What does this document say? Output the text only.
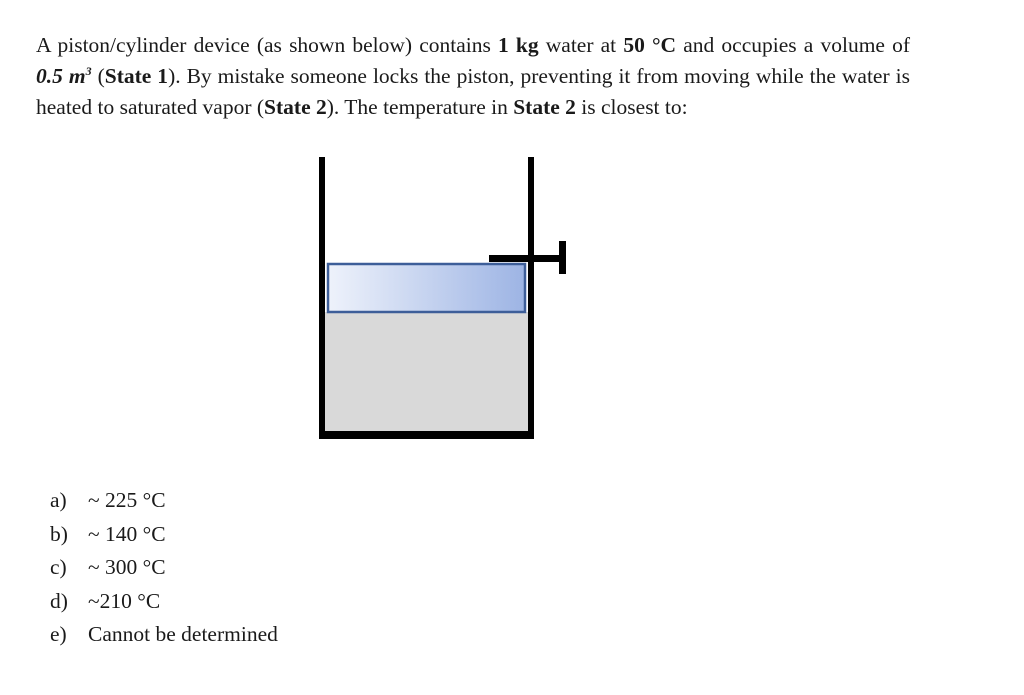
A piston/cylinder device (as shown below) contains 1 kg water at 50 °C and occupies a volume of 0.5 $m^3$ (State 1). By mistake someone locks the piston, preventing it from moving while the water is heated to saturated vapor (State 2). The temperature in State 2 is closest to:
a) ~ 225 °C
b) ~ 140 °C
c) ~ 300 °C
d) ~210 °C
e) Cannot be determined
